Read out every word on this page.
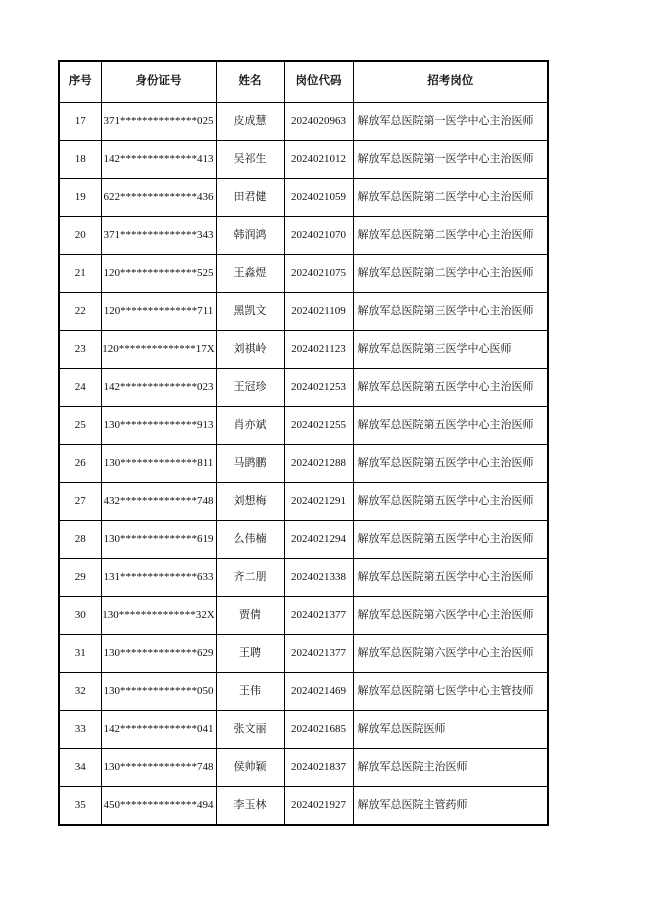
序号	身份证号	姓名	岗位代码	招考岗位
17	371**************025	皮成慧	2024020963	解放军总医院第一医学中心主治医师
18	142**************413	吴祁生	2024021012	解放军总医院第一医学中心主治医师
19	622**************436	田君健	2024021059	解放军总医院第二医学中心主治医师
20	371**************343	韩润鸿	2024021070	解放军总医院第二医学中心主治医师
21	120**************525	王淼煜	2024021075	解放军总医院第二医学中心主治医师
22	120**************711	黑凯文	2024021109	解放军总医院第三医学中心主治医师
23	120**************17X	刘祺岭	2024021123	解放军总医院第三医学中心医师
24	142**************023	王冠珍	2024021253	解放军总医院第五医学中心主治医师
25	130**************913	肖亦斌	2024021255	解放军总医院第五医学中心主治医师
26	130**************811	马鹍鹏	2024021288	解放军总医院第五医学中心主治医师
27	432**************748	刘想梅	2024021291	解放军总医院第五医学中心主治医师
28	130**************619	么伟楠	2024021294	解放军总医院第五医学中心主治医师
29	131**************633	齐二朋	2024021338	解放军总医院第五医学中心主治医师
30	130**************32X	贾倩	2024021377	解放军总医院第六医学中心主治医师
31	130**************629	王聘	2024021377	解放军总医院第六医学中心主治医师
32	130**************050	王伟	2024021469	解放军总医院第七医学中心主管技师
33	142**************041	张文丽	2024021685	解放军总医院医师
34	130**************748	侯帅颖	2024021837	解放军总医院主治医师
35	450**************494	李玉林	2024021927	解放军总医院主管药师
